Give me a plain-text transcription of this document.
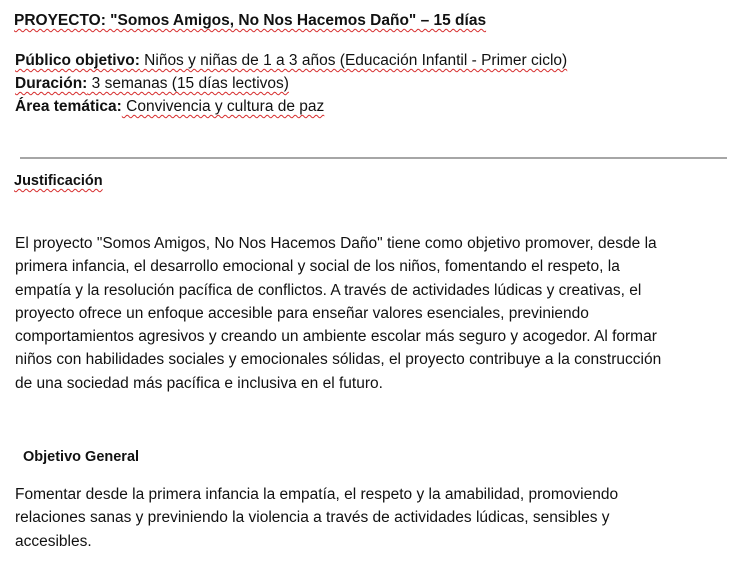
PROYECTO: "Somos Amigos, No Nos Hacemos Daño" – 15 días
Público objetivo: Niños y niñas de 1 a 3 años (Educación Infantil - Primer ciclo)
Duración: 3 semanas (15 días lectivos)
Área temática: Convivencia y cultura de paz
Justificación
El proyecto "Somos Amigos, No Nos Hacemos Daño" tiene como objetivo promover, desde la
primera infancia, el desarrollo emocional y social de los niños, fomentando el respeto, la
empatía y la resolución pacífica de conflictos. A través de actividades lúdicas y creativas, el
proyecto ofrece un enfoque accesible para enseñar valores esenciales, previniendo
comportamientos agresivos y creando un ambiente escolar más seguro y acogedor. Al formar
niños con habilidades sociales y emocionales sólidas, el proyecto contribuye a la construcción
de una sociedad más pacífica e inclusiva en el futuro.
Objetivo General
Fomentar desde la primera infancia la empatía, el respeto y la amabilidad, promoviendo
relaciones sanas y previniendo la violencia a través de actividades lúdicas, sensibles y
accesibles.
